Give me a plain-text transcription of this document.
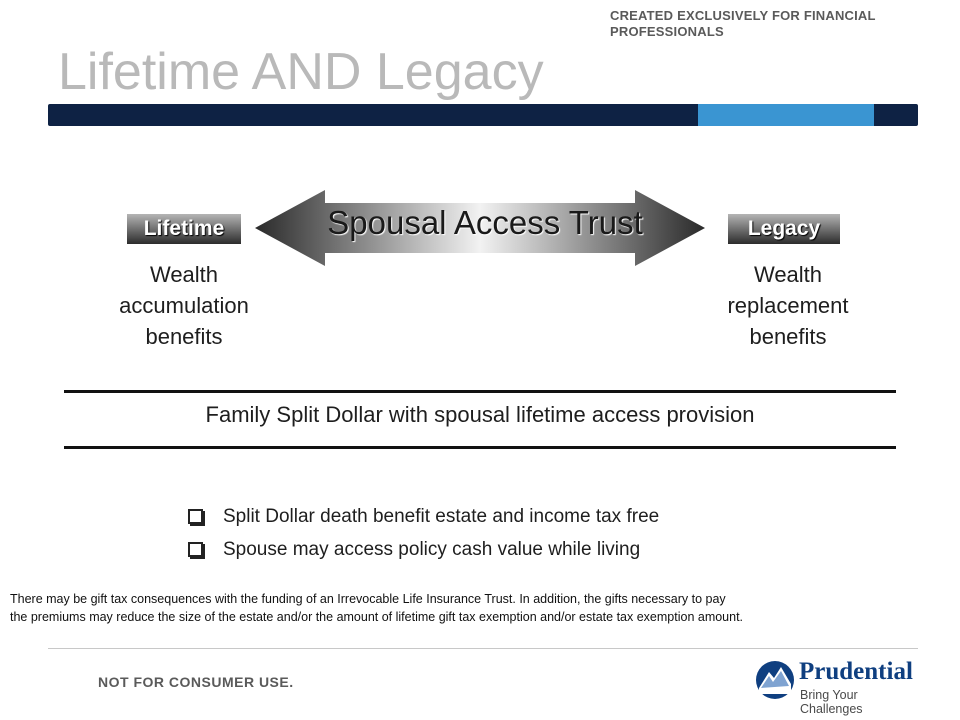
CREATED EXCLUSIVELY FOR FINANCIAL
PROFESSIONALS
Lifetime AND Legacy
Spousal Access Trust
Lifetime	Legacy
Wealth
accumulation
benefits
Wealth
replacement
benefits
Family Split Dollar with spousal lifetime access provision
Split Dollar death benefit estate and income tax free
Spouse may access policy cash value while living
There may be gift tax consequences with the funding of an Irrevocable Life Insurance Trust. In addition, the gifts necessary to pay
the premiums may reduce the size of the estate and/or the amount of lifetime gift tax exemption and/or estate tax exemption amount.
NOT FOR CONSUMER USE.	Prudential
Bring Your Challenges
